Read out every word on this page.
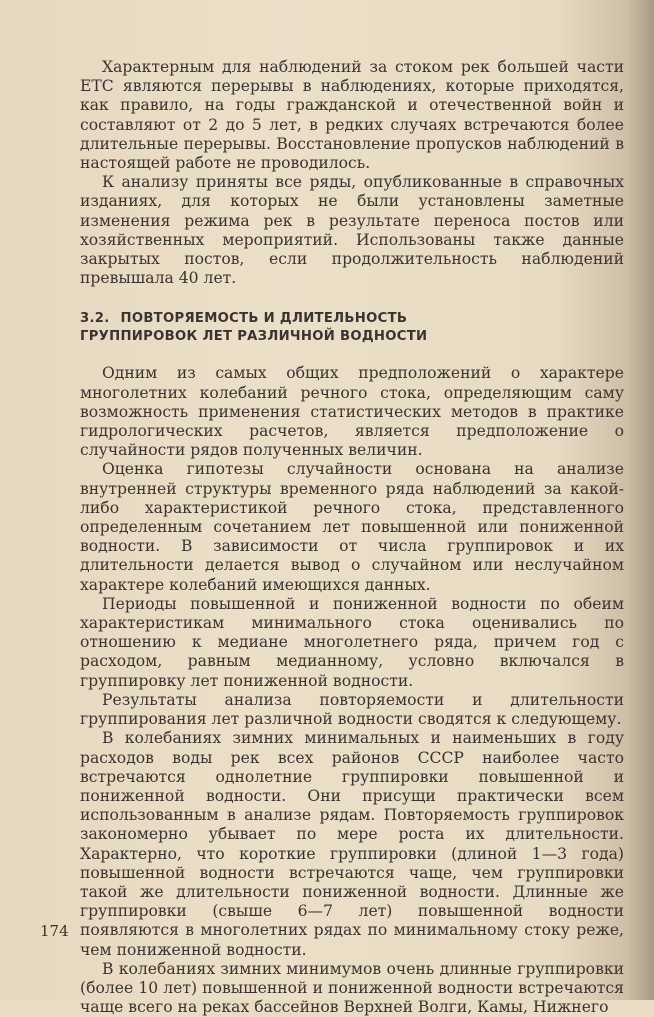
Характерным для наблюдений за стоком рек большей части ЕТС являются перерывы в наблюдениях, которые приходятся, как правило, на годы гражданской и отечественной войн и составляют от 2 до 5 лет, в редких случаях встречаются более длительные перерывы. Восстановление пропусков наблюдений в настоящей работе не проводилось.

К анализу приняты все ряды, опубликованные в справочных изданиях, для которых не были установлены заметные изменения режима рек в результате переноса постов или хозяйственных мероприятий. Использованы также данные закрытых постов, если продолжительность наблюдений превышала 40 лет.

3.2. ПОВТОРЯЕМОСТЬ И ДЛИТЕЛЬНОСТЬ
ГРУППИРОВОК ЛЕТ РАЗЛИЧНОЙ ВОДНОСТИ

Одним из самых общих предположений о характере многолетних колебаний речного стока, определяющим саму возможность применения статистических методов в практике гидрологических расчетов, является предположение о случайности рядов полученных величин.

Оценка гипотезы случайности основана на анализе внутренней структуры временного ряда наблюдений за какой-либо характеристикой речного стока, представленного определенным сочетанием лет повышенной или пониженной водности. В зависимости от числа группировок и их длительности делается вывод о случайном или неслучайном характере колебаний имеющихся данных.

Периоды повышенной и пониженной водности по обеим характеристикам минимального стока оценивались по отношению к медиане многолетнего ряда, причем год с расходом, равным медианному, условно включался в группировку лет пониженной водности.

Результаты анализа повторяемости и длительности группирования лет различной водности сводятся к следующему.

В колебаниях зимних минимальных и наименьших в году расходов воды рек всех районов СССР наиболее часто встречаются однолетние группировки повышенной и пониженной водности. Они присущи практически всем использованным в анализе рядам. Повторяемость группировок закономерно убывает по мере роста их длительности. Характерно, что короткие группировки (длиной 1—3 года) повышенной водности встречаются чаще, чем группировки такой же длительности пониженной водности. Длинные же группировки (свыше 6—7 лет) повышенной водности появляются в многолетних рядах по минимальному стоку реже, чем пониженной водности.

В колебаниях зимних минимумов очень длинные группировки (более 10 лет) повышенной и пониженной водности встречаются чаще всего на реках бассейнов Верхней Волги, Камы, Нижнего

174
